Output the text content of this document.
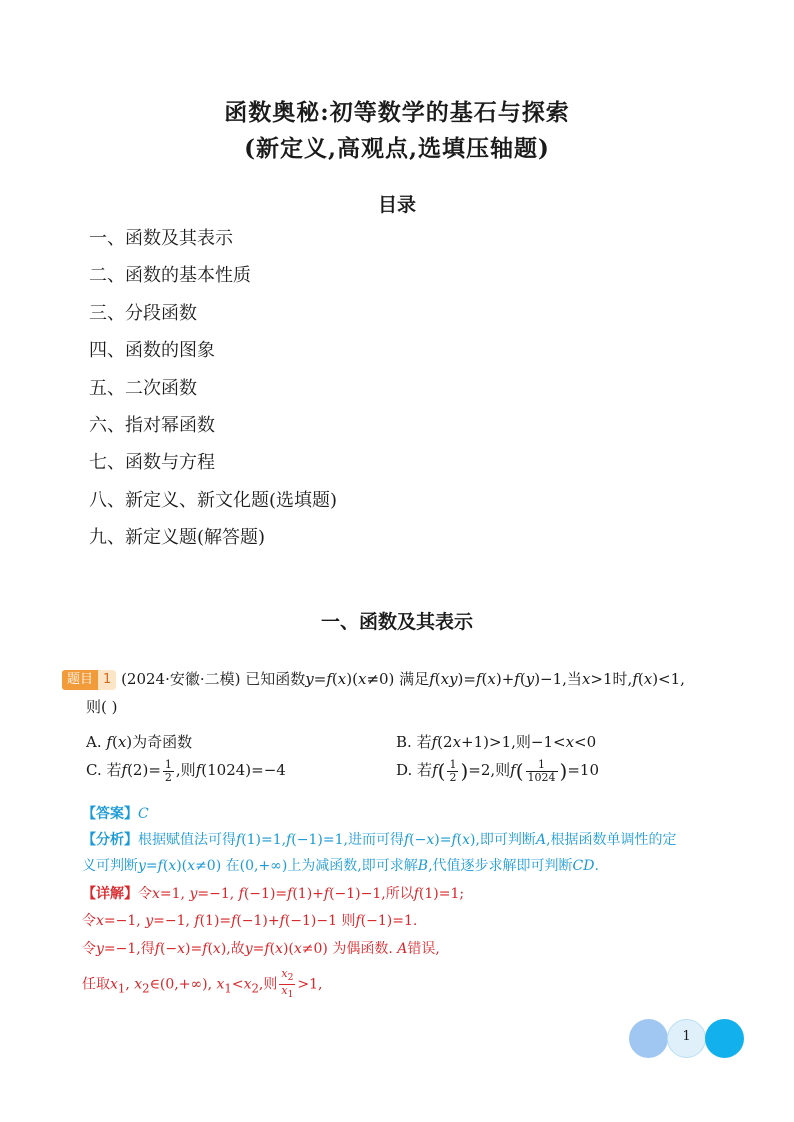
函数奥秘:初等数学的基石与探索
(新定义,高观点,选填压轴题)
目录
一、函数及其表示
二、函数的基本性质
三、分段函数
四、函数的图象
五、二次函数
六、指对幂函数
七、函数与方程
八、新定义、新文化题(选填题)
九、新定义题(解答题)
一、函数及其表示
题目 1 (2024·安徽·二模) 已知函数y=f(x)(x≠0) 满足f(xy)=f(x)+f(y)−1,当x>1时,f(x)<1,
则( )
A. f(x)为奇函数	B. 若f(2x+1)>1,则−1<x<0
C. 若$f(2)= \frac{1}{2}$ ,则f(1024)=−4	D. 若$f( \frac{1}{2} )=2$,则$f( \frac{1}{1024} )=10$
【答案】C
【分析】根据赋值法可得f(1)=1,f(−1)=1,进而可得f(−x)=f(x),即可判断A,根据函数单调性的定
义可判断y=f(x)(x≠0) 在(0,+∞)上为减函数,即可求解B,代值逐步求解即可判断CD.
【详解】令x=1, y=−1, f(−1)=f(1)+f(−1)−1,所以f(1)=1;
令x=−1, y=−1, f(1)=f(−1)+f(−1)−1 则f(−1)=1.
令y=−1,得f(−x)=f(x),故y=f(x)(x≠0) 为偶函数. A错误,
任取$x_1$, $x_2\in(0,+\infty)$, $x_1<x_2$,则 $\frac{x_2}{x_1} >1$,
1
